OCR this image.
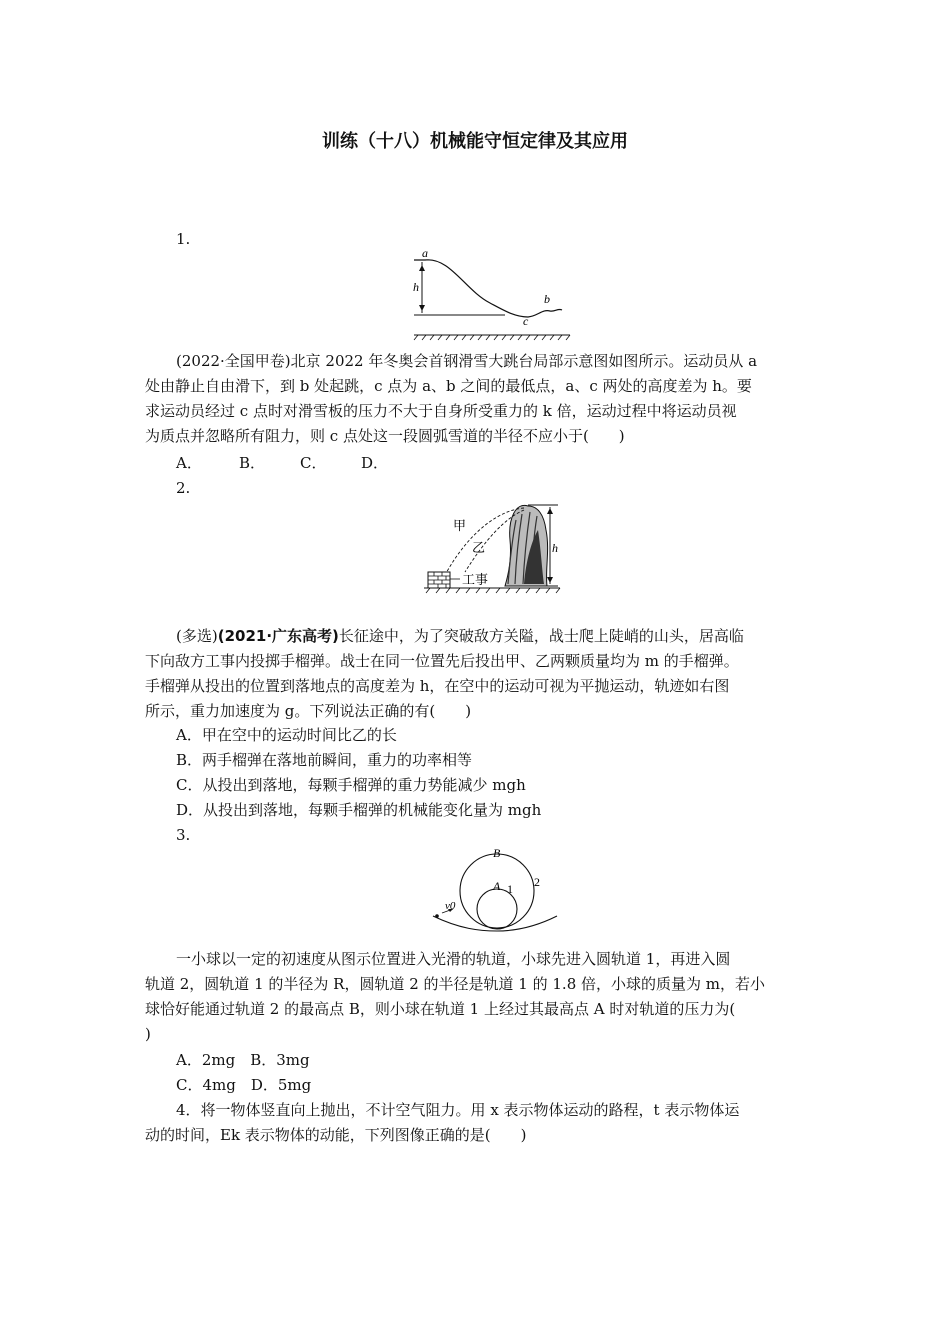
训练（十八）机械能守恒定律及其应用
1.
a
h
b
c
(2022·全国甲卷)北京 2022 年冬奥会首钢滑雪大跳台局部示意图如图所示。运动员从 a
处由静止自由滑下，到 b 处起跳，c 点为 a、b 之间的最低点，a、c 两处的高度差为 h。要
求运动员经过 c 点时对滑雪板的压力不大于自身所受重力的 k 倍，运动过程中将运动员视
为质点并忽略所有阻力，则 c 点处这一段圆弧雪道的半径不应小于(　　)
A． B． C． D．
2.
甲
乙
工事
h
(多选)(2021·广东高考)长征途中，为了突破敌方关隘，战士爬上陡峭的山头，居高临
下向敌方工事内投掷手榴弹。战士在同一位置先后投出甲、乙两颗质量均为 m 的手榴弹。
手榴弹从投出的位置到落地点的高度差为 h，在空中的运动可视为平抛运动，轨迹如右图
所示，重力加速度为 g。下列说法正确的有(　　)
A．甲在空中的运动时间比乙的长
B．两手榴弹在落地前瞬间，重力的功率相等
C．从投出到落地，每颗手榴弹的重力势能减少 mgh
D．从投出到落地，每颗手榴弹的机械能变化量为 mgh
3.
B
A 1 2
v0
一小球以一定的初速度从图示位置进入光滑的轨道，小球先进入圆轨道 1，再进入圆
轨道 2，圆轨道 1 的半径为 R，圆轨道 2 的半径是轨道 1 的 1.8 倍，小球的质量为 m，若小
球恰好能通过轨道 2 的最高点 B，则小球在轨道 1 上经过其最高点 A 时对轨道的压力为(
)
A．2mg　B．3mg
C．4mg　D．5mg
4．将一物体竖直向上抛出，不计空气阻力。用 x 表示物体运动的路程，t 表示物体运
动的时间，Ek 表示物体的动能，下列图像正确的是(　　)
